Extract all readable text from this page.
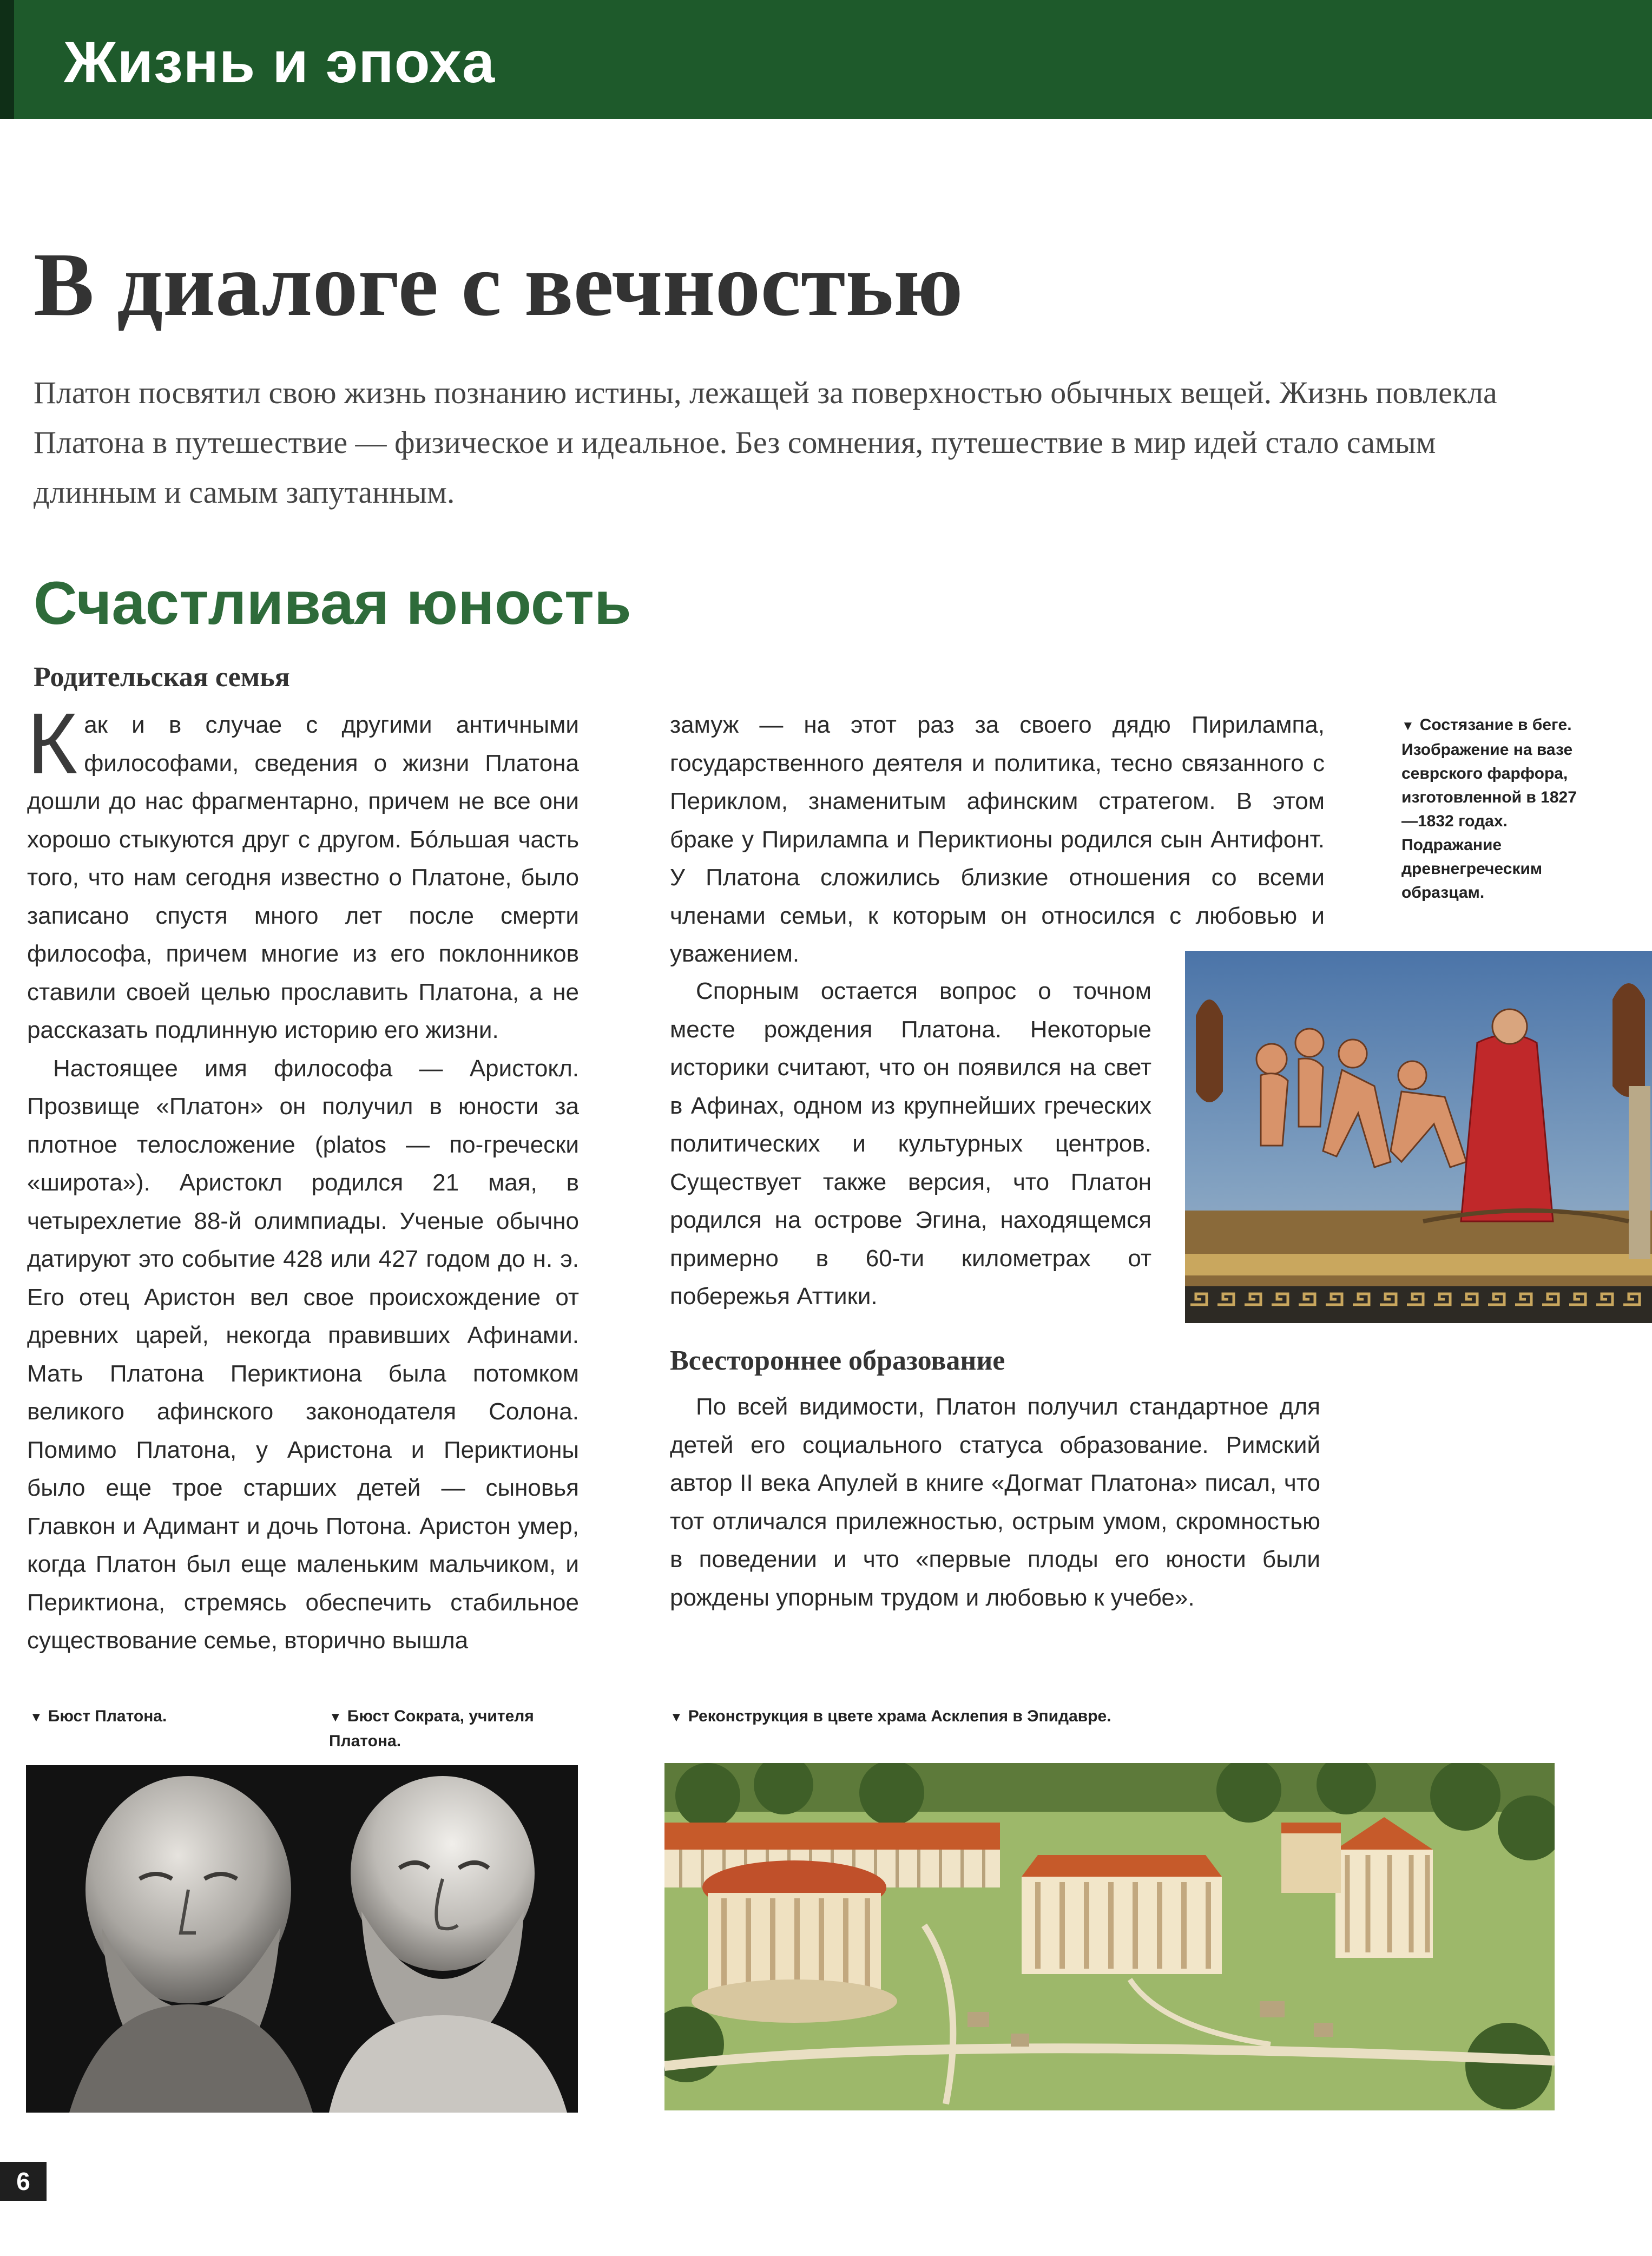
Жизнь и эпоха
В диалоге с вечностью
Платон посвятил свою жизнь познанию истины, лежащей за поверхностью обычных вещей. Жизнь повлекла Платона в путешествие — физическое и идеальное. Без сомнения, путешествие в мир идей стало самым длинным и самым запутанным.
Счастливая юность
Родительская семья

Как и в случае с другими античными философами, сведения о жизни Платона дошли до нас фрагментарно, причем не все они хорошо стыкуются друг с другом. Бóльшая часть того, что нам сегодня известно о Платоне, было записано спустя много лет после смерти философа, причем многие из его поклонников ставили своей целью прославить Платона, а не рассказать подлинную историю его жизни.

Настоящее имя философа — Аристокл. Прозвище «Платон» он получил в юности за плотное телосложение (platos — по-гречески «широта»). Аристокл родился 21 мая, в четырехлетие 88-й олимпиады. Ученые обычно датируют это событие 428 или 427 годом до н. э. Его отец Аристон вел свое происхождение от древних царей, некогда правивших Афинами. Мать Платона Периктиона была потомком великого афинского законодателя Солона. Помимо Платона, у Аристона и Периктионы было еще трое старших детей — сыновья Главкон и Адимант и дочь Потона. Аристон умер, когда Платон был еще маленьким мальчиком, и Периктиона, стремясь обеспечить стабильное существование семье, вторично вышла

замуж — на этот раз за своего дядю Пирилампа, государственного деятеля и политика, тесно связанного с Периклом, знаменитым афинским стратегом. В этом браке у Пирилампа и Периктионы родился сын Антифонт. У Платона сложились близкие отношения со всеми членами семьи, к которым он относился с любовью и уважением.

Спорным остается вопрос о точном месте рождения Платона. Некоторые историки считают, что он появился на свет в Афинах, одном из крупнейших греческих политических и культурных центров. Существует также версия, что Платон родился на острове Эгина, находящемся примерно в 60-ти километрах от побережья Аттики.

Всестороннее образование

По всей видимости, Платон получил стандартное для детей его социального статуса образование. Римский автор II века Апулей в книге «Догмат Платона» писал, что тот отличался прилежностью, острым умом, скромностью в поведении и что «первые плоды его юности были рождены упорным трудом и любовью к учебе».

▼ Состязание в беге. Изображение на вазе севрского фарфора, изготовленной в 1827—1832 годах. Подражание древнегреческим образцам.
▼ Бюст Платона.	▼ Бюст Сократа, учителя Платона.
▼ Реконструкция в цвете храма Асклепия в Эпидавре.
6
